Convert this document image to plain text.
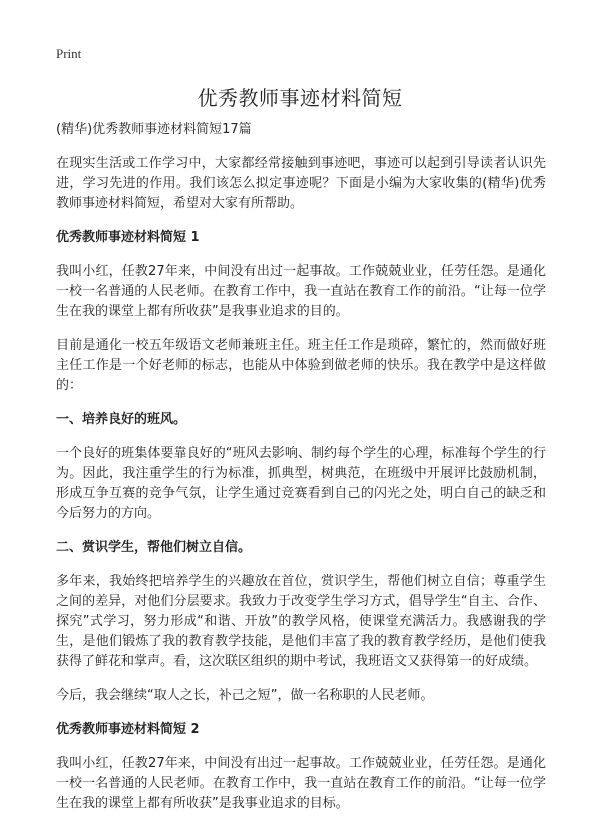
Print
优秀教师事迹材料简短
(精华)优秀教师事迹材料简短17篇

在现实生活或工作学习中，大家都经常接触到事迹吧，事迹可以起到引导读者认识先进，学习先进的作用。我们该怎么拟定事迹呢？下面是小编为大家收集的(精华)优秀教师事迹材料简短，希望对大家有所帮助。

优秀教师事迹材料简短 1

我叫小红，任教27年来，中间没有出过一起事故。工作兢兢业业，任劳任怨。是通化一校一名普通的人民老师。在教育工作中，我一直站在教育工作的前沿。“让每一位学生在我的课堂上都有所收获”是我事业追求的目的。

目前是通化一校五年级语文老师兼班主任。班主任工作是琐碎，繁忙的，然而做好班主任工作是一个好老师的标志，也能从中体验到做老师的快乐。我在教学中是这样做的：

一、培养良好的班风。

一个良好的班集体要靠良好的“班风去影响、制约每个学生的心理，标准每个学生的行为。因此，我注重学生的行为标准，抓典型，树典范，在班级中开展评比鼓励机制，形成互争互赛的竞争气氛，让学生通过竞赛看到自己的闪光之处，明白自己的缺乏和今后努力的方向。

二、赏识学生，帮他们树立自信。

多年来，我始终把培养学生的兴趣放在首位，赏识学生，帮他们树立自信；尊重学生之间的差异，对他们分层要求。我致力于改变学生学习方式，倡导学生“自主、合作、探究”式学习，努力形成“和谐、开放”的教学风格，使课堂充满活力。我感谢我的学生，是他们锻炼了我的教育教学技能，是他们丰富了我的教育教学经历，是他们使我获得了鲜花和掌声。看，这次联区组织的期中考试，我班语文又获得第一的好成绩。

今后，我会继续“取人之长，补己之短”，做一名称职的人民老师。

优秀教师事迹材料简短 2

我叫小红，任教27年来，中间没有出过一起事故。工作兢兢业业，任劳任怨。是通化一校一名普通的人民老师。在教育工作中，我一直站在教育工作的前沿。“让每一位学生在我的课堂上都有所收获”是我事业追求的目标。
